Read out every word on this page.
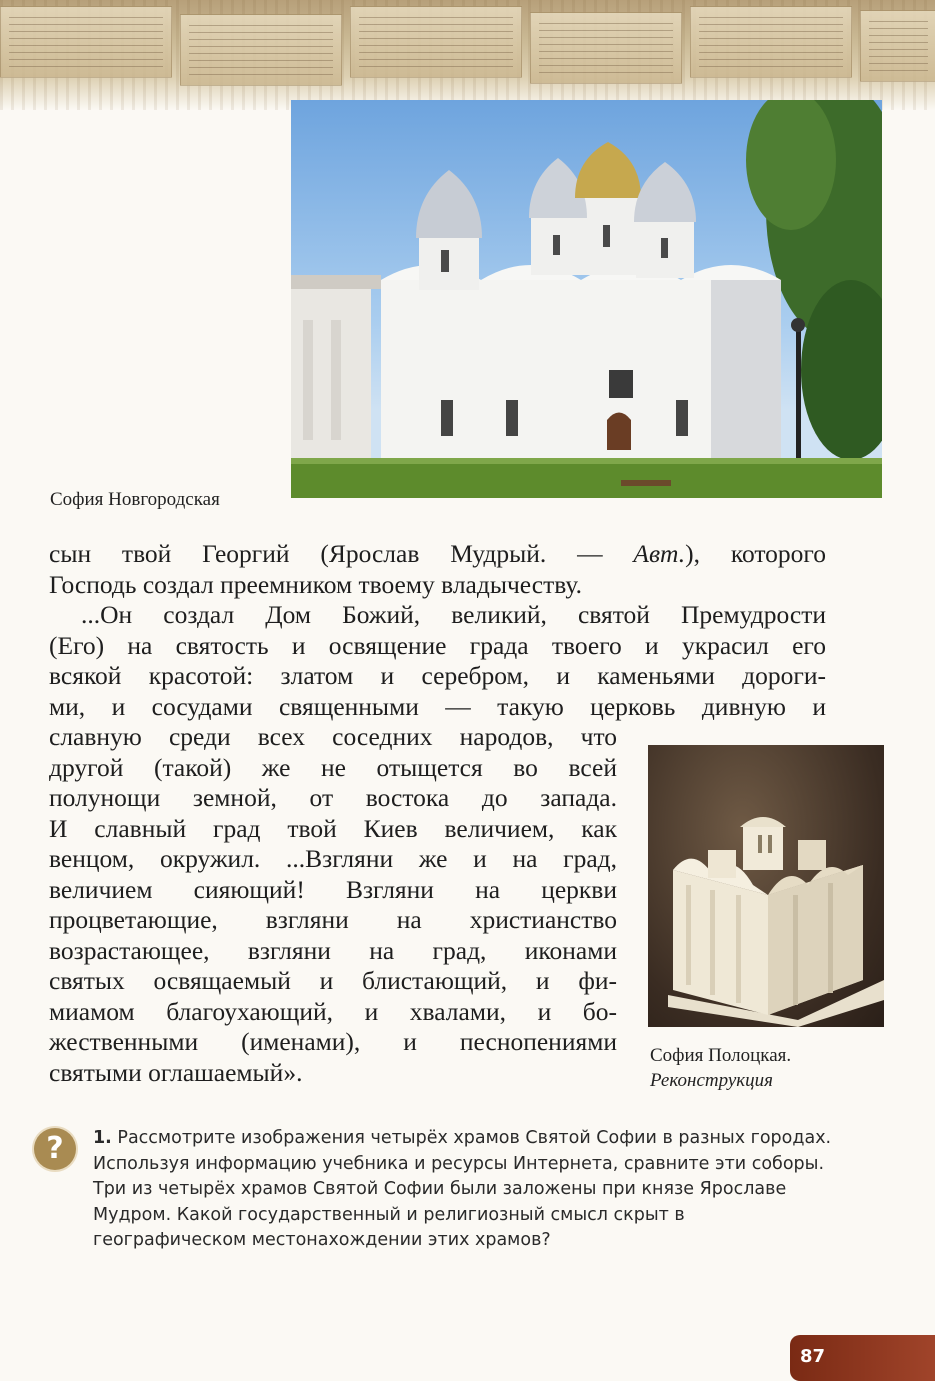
София Новгородская
сын твой Георгий (Ярослав Мудрый. — Авт.), которого
Господь создал преемником твоему владычеству.
...Он создал Дом Божий, великий, святой Премудрости
(Его) на святость и освящение града твоего и украсил его
всякой красотой: златом и серебром, и каменьями дороги-
ми, и сосудами священными — такую церковь дивную и
славную среди всех соседних народов, что
другой (такой) же не отыщется во всей
полунощи земной, от востока до запада.
И славный град твой Киев величием, как
венцом, окружил. ...Взгляни же и на град,
величием сияющий! Взгляни на церкви
процветающие, взгляни на христианство
возрастающее, взгляни на град, иконами
святых освящаемый и блистающий, и фи-
миамом благоухающий, и хвалами, и бо-
жественными (именами), и песнопениями
святыми оглашаемый».
София Полоцкая.
Реконструкция
?	1. Рассмотрите изображения четырёх храмов Святой Софии в разных городах. Используя информацию учебника и ресурсы Интернета, сравните эти соборы. Три из четырёх храмов Святой Софии были заложены при князе Ярославе Мудром. Какой государственный и религиозный смысл скрыт в географическом местонахождении этих храмов?
87
